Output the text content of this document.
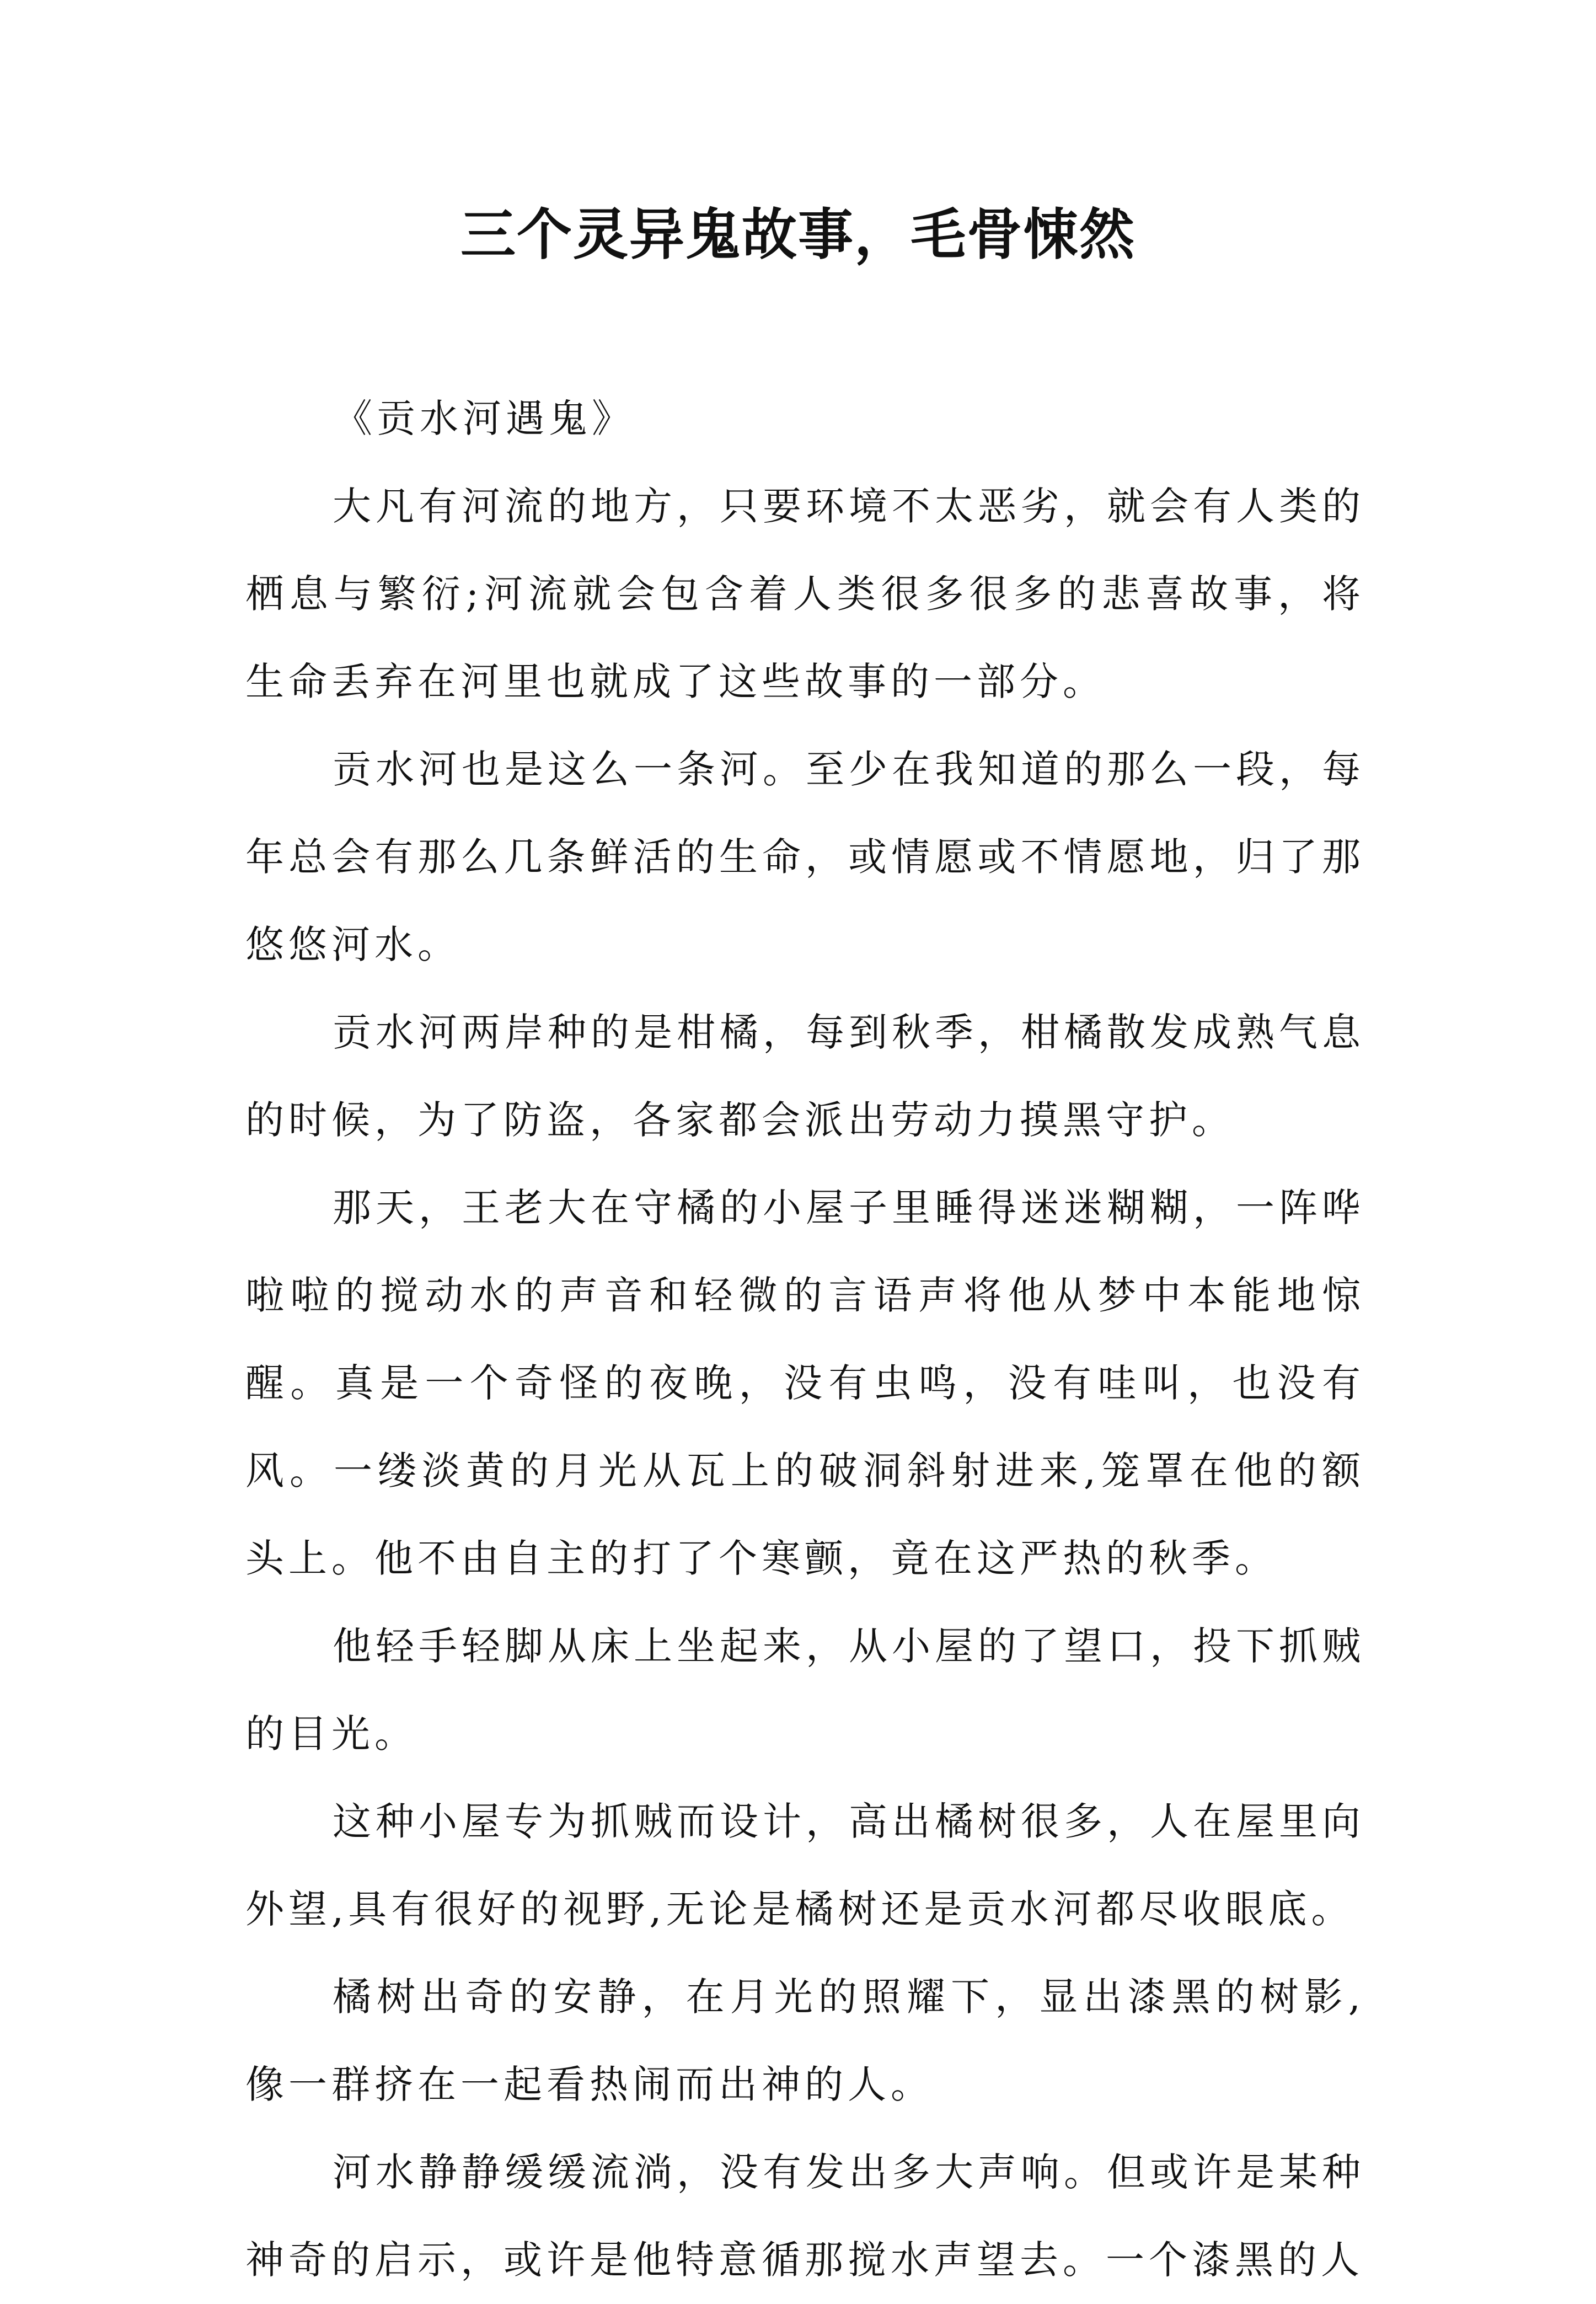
三个灵异鬼故事，毛骨悚然

《贡水河遇鬼》

大凡有河流的地方，只要环境不太恶劣，就会有人类的栖息与繁衍;河流就会包含着人类很多很多的悲喜故事，将生命丢弃在河里也就成了这些故事的一部分。

贡水河也是这么一条河。至少在我知道的那么一段，每年总会有那么几条鲜活的生命，或情愿或不情愿地，归了那悠悠河水。

贡水河两岸种的是柑橘，每到秋季，柑橘散发成熟气息的时候，为了防盗，各家都会派出劳动力摸黑守护。

那天，王老大在守橘的小屋子里睡得迷迷糊糊，一阵哗啦啦的搅动水的声音和轻微的言语声将他从梦中本能地惊醒。真是一个奇怪的夜晚，没有虫鸣，没有哇叫，也没有风。一缕淡黄的月光从瓦上的破洞斜射进来,笼罩在他的额头上。他不由自主的打了个寒颤，竟在这严热的秋季。

他轻手轻脚从床上坐起来，从小屋的了望口，投下抓贼的目光。

这种小屋专为抓贼而设计，高出橘树很多，人在屋里向外望,具有很好的视野,无论是橘树还是贡水河都尽收眼底。

橘树出奇的安静，在月光的照耀下，显出漆黑的树影,像一群挤在一起看热闹而出神的人。

河水静静缓缓流淌，没有发出多大声响。但或许是某种神奇的启示，或许是他特意循那搅水声望去。一个漆黑的人
